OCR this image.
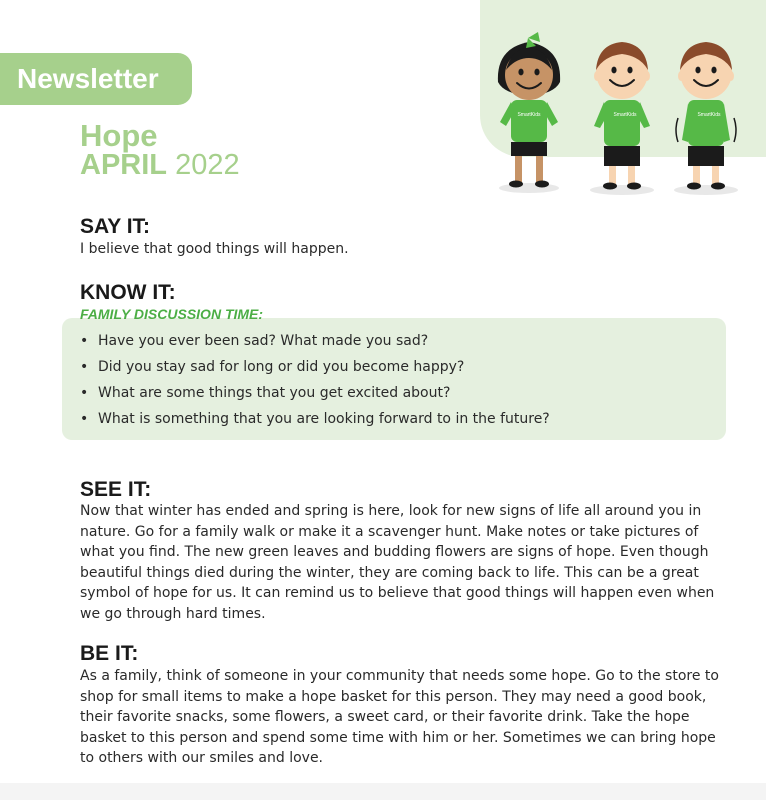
Newsletter
Hope
APRIL 2022
SmartKids	SmartKids	SmartKids
SAY IT:
I believe that good things will happen.
KNOW IT:
FAMILY DISCUSSION TIME:
• Have you ever been sad? What made you sad?
• Did you stay sad for long or did you become happy?
• What are some things that you get excited about?
• What is something that you are looking forward to in the future?
SEE IT:
Now that winter has ended and spring is here, look for new signs of life all around you in
nature. Go for a family walk or make it a scavenger hunt. Make notes or take pictures of
what you find. The new green leaves and budding flowers are signs of hope. Even though
beautiful things died during the winter, they are coming back to life. This can be a great
symbol of hope for us. It can remind us to believe that good things will happen even when
we go through hard times.
BE IT:
As a family, think of someone in your community that needs some hope. Go to the store to
shop for small items to make a hope basket for this person. They may need a good book,
their favorite snacks, some flowers, a sweet card, or their favorite drink. Take the hope
basket to this person and spend some time with him or her. Sometimes we can bring hope
to others with our smiles and love.
